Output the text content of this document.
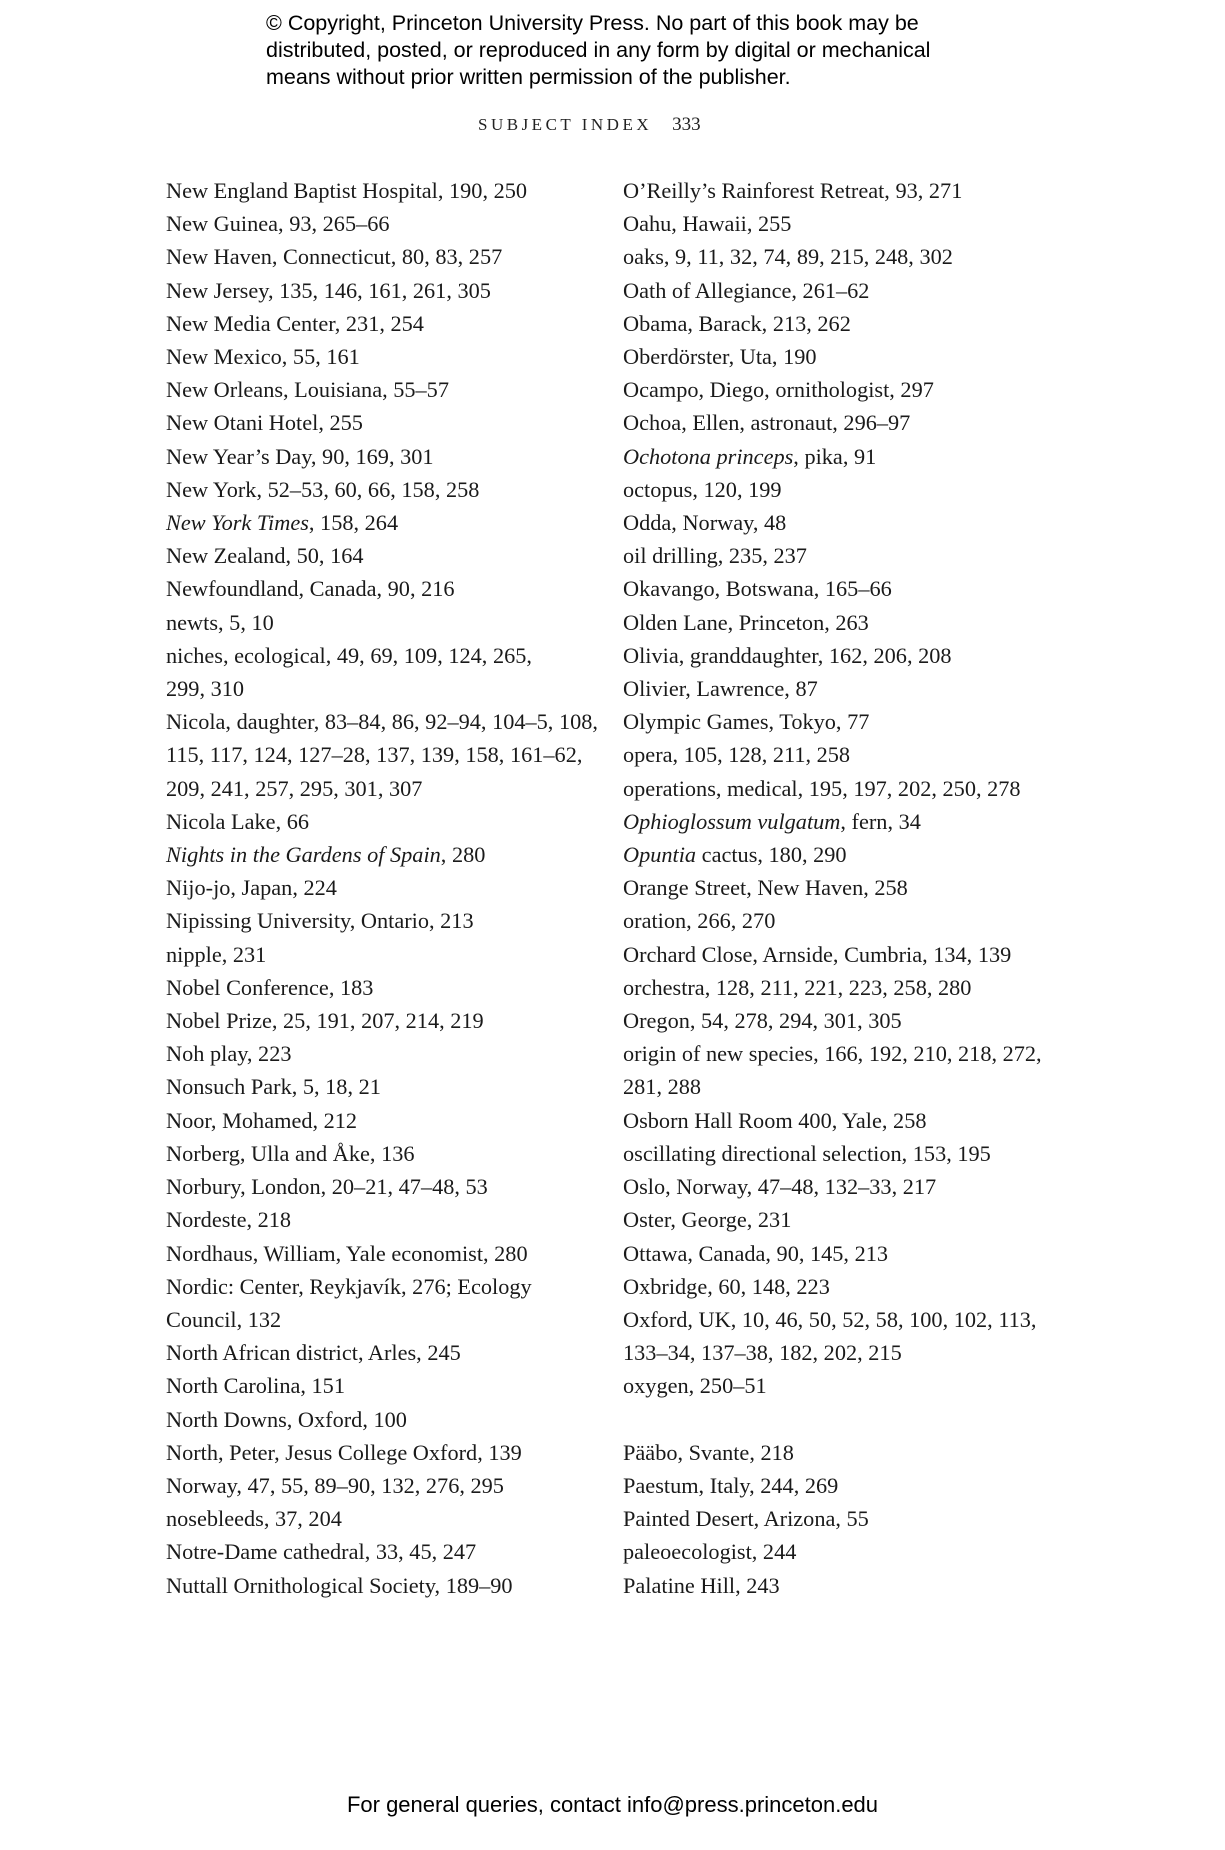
© Copyright, Princeton University Press. No part of this book may be
distributed, posted, or reproduced in any form by digital or mechanical
means without prior written permission of the publisher.
SUBJECT INDEX 333
New England Baptist Hospital, 190, 250
New Guinea, 93, 265–66
New Haven, Connecticut, 80, 83, 257
New Jersey, 135, 146, 161, 261, 305
New Media Center, 231, 254
New Mexico, 55, 161
New Orleans, Louisiana, 55–57
New Otani Hotel, 255
New Year’s Day, 90, 169, 301
New York, 52–53, 60, 66, 158, 258
New York Times, 158, 264
New Zealand, 50, 164
Newfoundland, Canada, 90, 216
newts, 5, 10
niches, ecological, 49, 69, 109, 124, 265,
299, 310
Nicola, daughter, 83–84, 86, 92–94, 104–5, 108,
115, 117, 124, 127–28, 137, 139, 158, 161–62,
209, 241, 257, 295, 301, 307
Nicola Lake, 66
Nights in the Gardens of Spain, 280
Nijo-jo, Japan, 224
Nipissing University, Ontario, 213
nipple, 231
Nobel Conference, 183
Nobel Prize, 25, 191, 207, 214, 219
Noh play, 223
Nonsuch Park, 5, 18, 21
Noor, Mohamed, 212
Norberg, Ulla and Åke, 136
Norbury, London, 20–21, 47–48, 53
Nordeste, 218
Nordhaus, William, Yale economist, 280
Nordic: Center, Reykjavík, 276; Ecology
Council, 132
North African district, Arles, 245
North Carolina, 151
North Downs, Oxford, 100
North, Peter, Jesus College Oxford, 139
Norway, 47, 55, 89–90, 132, 276, 295
nosebleeds, 37, 204
Notre-Dame cathedral, 33, 45, 247
Nuttall Ornithological Society, 189–90
O’Reilly’s Rainforest Retreat, 93, 271
Oahu, Hawaii, 255
oaks, 9, 11, 32, 74, 89, 215, 248, 302
Oath of Allegiance, 261–62
Obama, Barack, 213, 262
Oberdörster, Uta, 190
Ocampo, Diego, ornithologist, 297
Ochoa, Ellen, astronaut, 296–97
Ochotona princeps, pika, 91
octopus, 120, 199
Odda, Norway, 48
oil drilling, 235, 237
Okavango, Botswana, 165–66
Olden Lane, Princeton, 263
Olivia, granddaughter, 162, 206, 208
Olivier, Lawrence, 87
Olympic Games, Tokyo, 77
opera, 105, 128, 211, 258
operations, medical, 195, 197, 202, 250, 278
Ophioglossum vulgatum, fern, 34
Opuntia cactus, 180, 290
Orange Street, New Haven, 258
oration, 266, 270
Orchard Close, Arnside, Cumbria, 134, 139
orchestra, 128, 211, 221, 223, 258, 280
Oregon, 54, 278, 294, 301, 305
origin of new species, 166, 192, 210, 218, 272,
281, 288
Osborn Hall Room 400, Yale, 258
oscillating directional selection, 153, 195
Oslo, Norway, 47–48, 132–33, 217
Oster, George, 231
Ottawa, Canada, 90, 145, 213
Oxbridge, 60, 148, 223
Oxford, UK, 10, 46, 50, 52, 58, 100, 102, 113,
133–34, 137–38, 182, 202, 215
oxygen, 250–51
Pääbo, Svante, 218
Paestum, Italy, 244, 269
Painted Desert, Arizona, 55
paleoecologist, 244
Palatine Hill, 243
For general queries, contact info@press.princeton.edu
